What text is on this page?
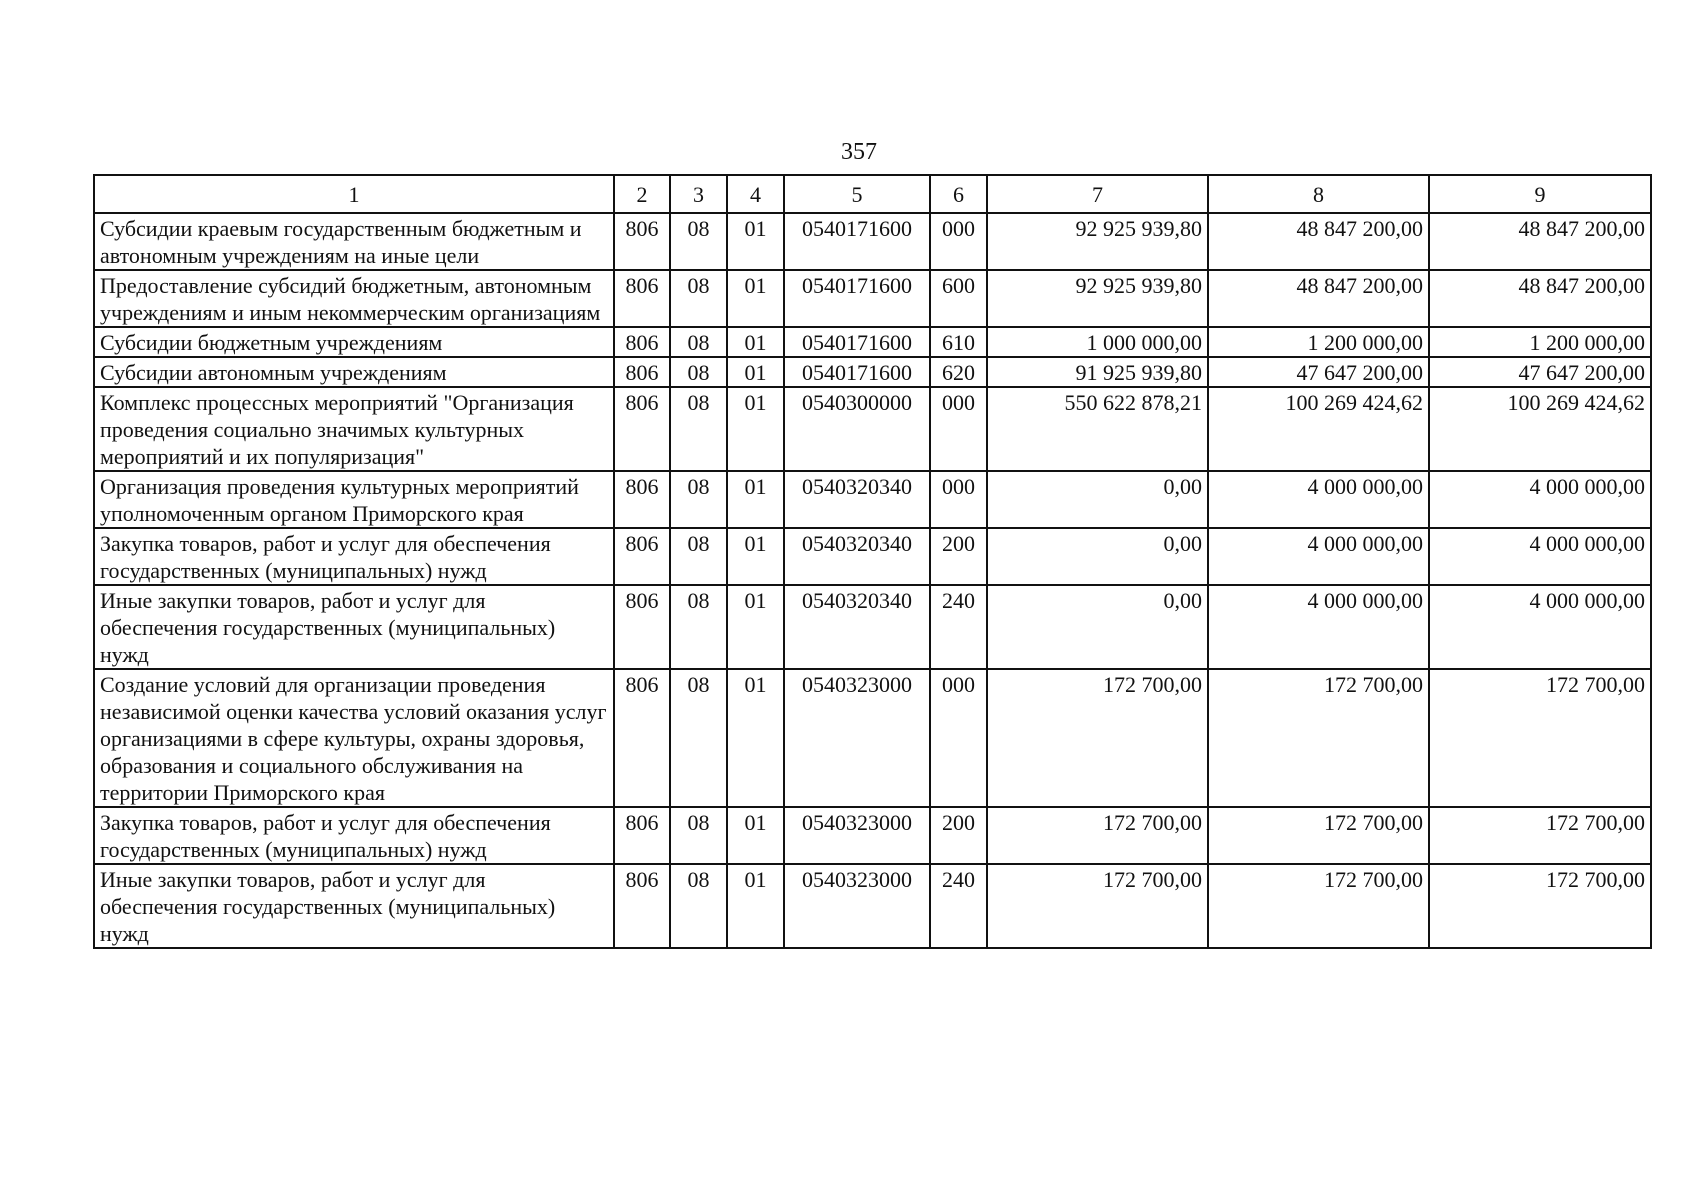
357
1	2	3	4	5	6	7	8	9
Субсидии краевым государственным бюджетным и автономным учреждениям на иные цели	806	08	01	0540171600	000	92 925 939,80	48 847 200,00	48 847 200,00
Предоставление субсидий бюджетным, автономным учреждениям и иным некоммерческим организациям	806	08	01	0540171600	600	92 925 939,80	48 847 200,00	48 847 200,00
Субсидии бюджетным учреждениям	806	08	01	0540171600	610	1 000 000,00	1 200 000,00	1 200 000,00
Субсидии автономным учреждениям	806	08	01	0540171600	620	91 925 939,80	47 647 200,00	47 647 200,00
Комплекс процессных мероприятий "Организация проведения социально значимых культурных мероприятий и их популяризация"	806	08	01	0540300000	000	550 622 878,21	100 269 424,62	100 269 424,62
Организация проведения культурных мероприятий уполномоченным органом Приморского края	806	08	01	0540320340	000	0,00	4 000 000,00	4 000 000,00
Закупка товаров, работ и услуг для обеспечения государственных (муниципальных) нужд	806	08	01	0540320340	200	0,00	4 000 000,00	4 000 000,00
Иные закупки товаров, работ и услуг для обеспечения государственных (муниципальных) нужд	806	08	01	0540320340	240	0,00	4 000 000,00	4 000 000,00
Создание условий для организации проведения независимой оценки качества условий оказания услуг организациями в сфере культуры, охраны здоровья, образования и социального обслуживания на территории Приморского края	806	08	01	0540323000	000	172 700,00	172 700,00	172 700,00
Закупка товаров, работ и услуг для обеспечения государственных (муниципальных) нужд	806	08	01	0540323000	200	172 700,00	172 700,00	172 700,00
Иные закупки товаров, работ и услуг для обеспечения государственных (муниципальных) нужд	806	08	01	0540323000	240	172 700,00	172 700,00	172 700,00
